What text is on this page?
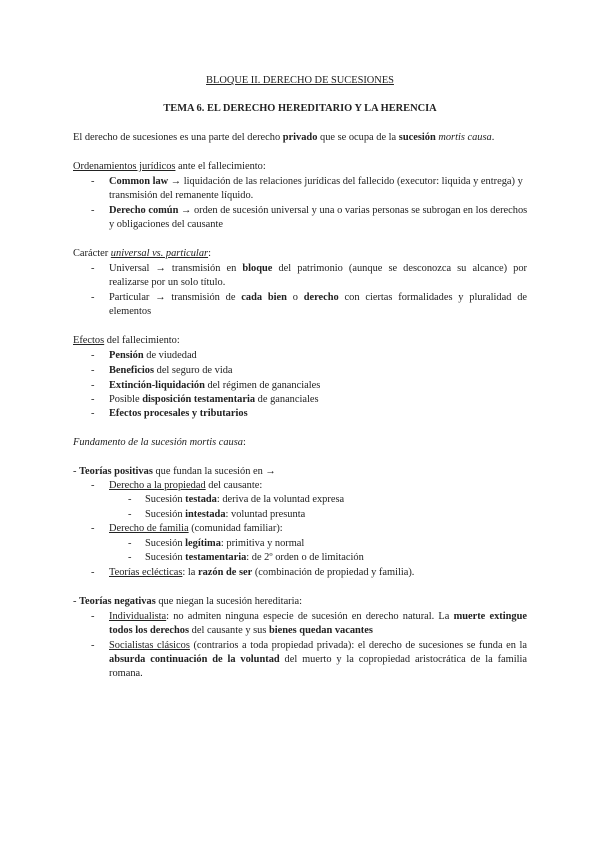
BLOQUE II. DERECHO DE SUCESIONES
TEMA 6. EL DERECHO HEREDITARIO Y LA HERENCIA
El derecho de sucesiones es una parte del derecho privado que se ocupa de la sucesión mortis causa.
Ordenamientos jurídicos ante el fallecimiento:
- Common law → liquidación de las relaciones jurídicas del fallecido (executor: liquida y entrega) y
transmisión del remanente líquido.
- Derecho común → orden de sucesión universal y una o varias personas se subrogan en los derechos
y obligaciones del causante
Carácter universal vs. particular:
- Universal → transmisión en bloque del patrimonio (aunque se desconozca su alcance) por
realizarse por un solo título.
- Particular → transmisión de cada bien o derecho con ciertas formalidades y pluralidad de
elementos
Efectos del fallecimiento:
- Pensión de viudedad
- Beneficios del seguro de vida
- Extinción-liquidación del régimen de gananciales
- Posible disposición testamentaria de gananciales
- Efectos procesales y tributarios
Fundamento de la sucesión mortis causa:
- Teorías positivas que fundan la sucesión en →
- Derecho a la propiedad del causante:
- Sucesión testada: deriva de la voluntad expresa
- Sucesión intestada: voluntad presunta
- Derecho de familia (comunidad familiar):
- Sucesión legítima: primitiva y normal
- Sucesión testamentaria: de 2º orden o de limitación
- Teorías eclécticas: la razón de ser (combinación de propiedad y familia).
- Teorías negativas que niegan la sucesión hereditaria:
- Individualista: no admiten ninguna especie de sucesión en derecho natural. La muerte extingue
todos los derechos del causante y sus bienes quedan vacantes
- Socialistas clásicos (contrarios a toda propiedad privada): el derecho de sucesiones se funda en la
absurda continuación de la voluntad del muerto y la copropiedad aristocrática de la familia
romana.
